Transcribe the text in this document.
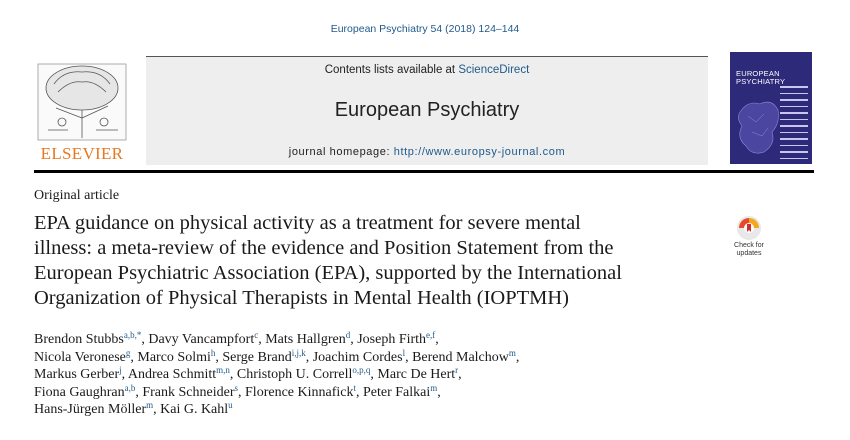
European Psychiatry 54 (2018) 124–144
ELSEVIER
Contents lists available at ScienceDirect
European Psychiatry
journal homepage: http://www.europsy-journal.com
EUROPEAN
PSYCHIATRY
Original article
EPA guidance on physical activity as a treatment for severe mental
illness: a meta-review of the evidence and Position Statement from the
European Psychiatric Association (EPA), supported by the International
Organization of Physical Therapists in Mental Health (IOPTMH)
Check for
updates
Brendon Stubbs$^{a,b,*}$, Davy Vancampfort$^c$, Mats Hallgren$^d$, Joseph Firth$^{e,f}$,
Nicola Veronese$^g$, Marco Solmi$^h$, Serge Brand$^{i,j,k}$, Joachim Cordes$^l$, Berend Malchow$^m$,
Markus Gerber$^j$, Andrea Schmitt$^{m,n}$, Christoph U. Correll$^{o,p,q}$, Marc De Hert$^r$,
Fiona Gaughran$^{a,b}$, Frank Schneider$^s$, Florence Kinnafick$^t$, Peter Falkai$^m$,
Hans-Jürgen Möller$^m$, Kai G. Kahl$^u$
